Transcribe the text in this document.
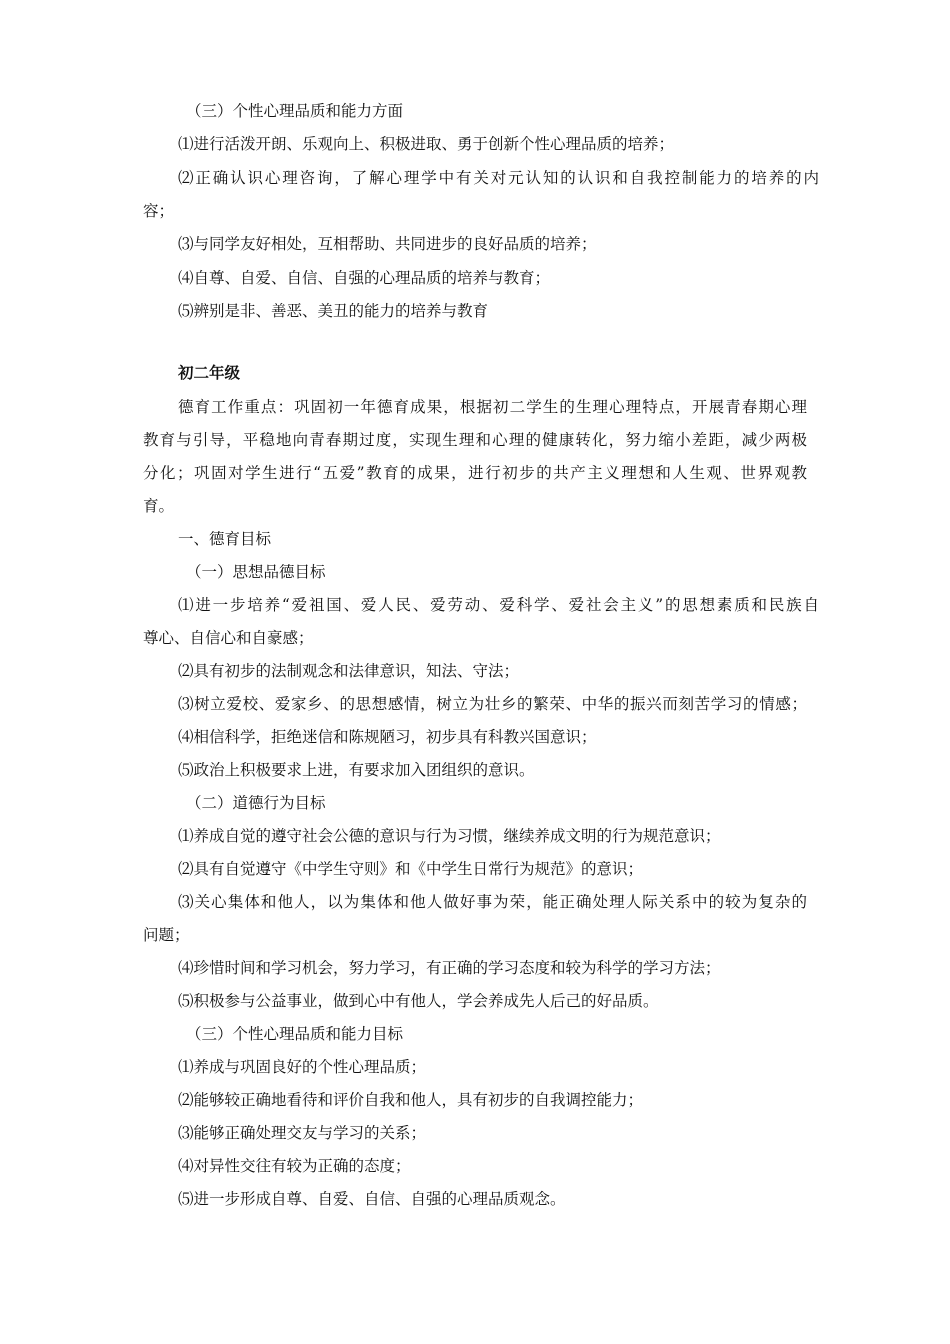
（三）个性心理品质和能力方面

⑴进行活泼开朗、乐观向上、积极进取、勇于创新个性心理品质的培养；

⑵正确认识心理咨询，了解心理学中有关对元认知的认识和自我控制能力的培养的内

容；

⑶与同学友好相处，互相帮助、共同进步的良好品质的培养；

⑷自尊、自爱、自信、自强的心理品质的培养与教育；

⑸辨别是非、善恶、美丑的能力的培养与教育

初二年级

德育工作重点：巩固初一年德育成果，根据初二学生的生理心理特点，开展青春期心理

教育与引导，平稳地向青春期过度，实现生理和心理的健康转化，努力缩小差距，减少两极

分化；巩固对学生进行“五爱”教育的成果，进行初步的共产主义理想和人生观、世界观教

育。

一、德育目标

（一）思想品德目标

⑴进一步培养“爱祖国、爱人民、爱劳动、爱科学、爱社会主义”的思想素质和民族自

尊心、自信心和自豪感；

⑵具有初步的法制观念和法律意识，知法、守法；

⑶树立爱校、爱家乡、的思想感情，树立为壮乡的繁荣、中华的振兴而刻苦学习的情感；

⑷相信科学，拒绝迷信和陈规陋习，初步具有科教兴国意识；

⑸政治上积极要求上进，有要求加入团组织的意识。

（二）道德行为目标

⑴养成自觉的遵守社会公德的意识与行为习惯，继续养成文明的行为规范意识；

⑵具有自觉遵守《中学生守则》和《中学生日常行为规范》的意识；

⑶关心集体和他人，以为集体和他人做好事为荣，能正确处理人际关系中的较为复杂的

问题；

⑷珍惜时间和学习机会，努力学习，有正确的学习态度和较为科学的学习方法；

⑸积极参与公益事业，做到心中有他人，学会养成先人后己的好品质。

（三）个性心理品质和能力目标

⑴养成与巩固良好的个性心理品质；

⑵能够较正确地看待和评价自我和他人，具有初步的自我调控能力；

⑶能够正确处理交友与学习的关系；

⑷对异性交往有较为正确的态度；

⑸进一步形成自尊、自爱、自信、自强的心理品质观念。
